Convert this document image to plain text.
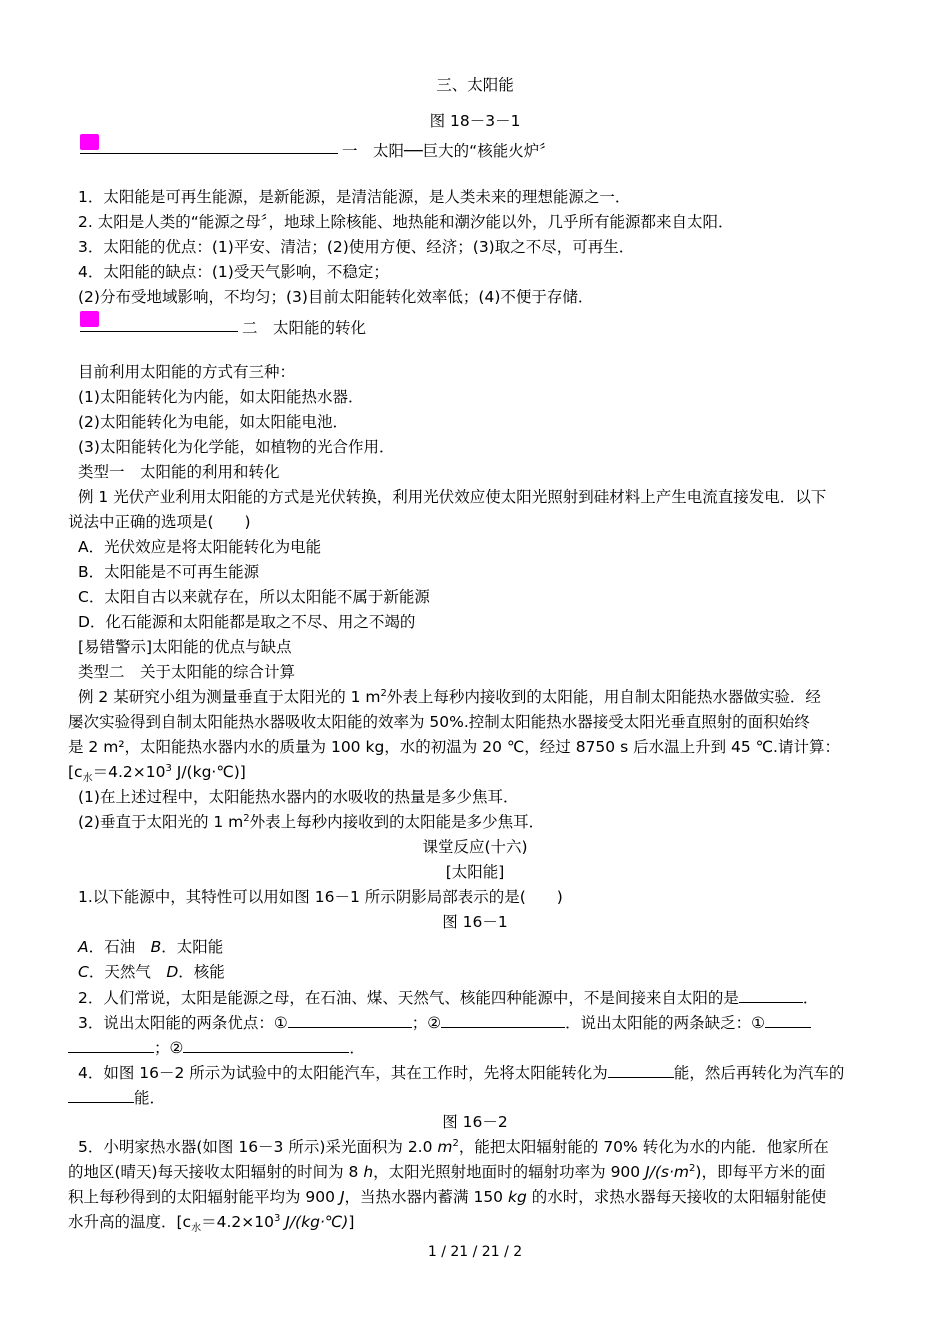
三、太阳能
图 18－3－1
一　太阳──巨大的“核能火炉〞
1．太阳能是可再生能源，是新能源，是清洁能源，是人类未来的理想能源之一．
2. 太阳是人类的“能源之母〞，地球上除核能、地热能和潮汐能以外，几乎所有能源都来自太阳．
3．太阳能的优点：(1)平安、清洁；(2)使用方便、经济；(3)取之不尽，可再生．
4．太阳能的缺点：(1)受天气影响，不稳定；
(2)分布受地域影响，不均匀；(3)目前太阳能转化效率低；(4)不便于存储．
二　太阳能的转化
目前利用太阳能的方式有三种：
(1)太阳能转化为内能，如太阳能热水器．
(2)太阳能转化为电能，如太阳能电池．
(3)太阳能转化为化学能，如植物的光合作用．
类型一　太阳能的利用和转化
例 1 光伏产业利用太阳能的方式是光伏转换，利用光伏效应使太阳光照射到硅材料上产生电流直接发电．以下
说法中正确的选项是(　　)
A．光伏效应是将太阳能转化为电能
B．太阳能是不可再生能源
C．太阳自古以来就存在，所以太阳能不属于新能源
D．化石能源和太阳能都是取之不尽、用之不竭的
[易错警示]太阳能的优点与缺点
类型二　关于太阳能的综合计算
例 2 某研究小组为测量垂直于太阳光的 1 $m^2$外表上每秒内接收到的太阳能，用自制太阳能热水器做实验．经
屡次实验得到自制太阳能热水器吸收太阳能的效率为 50%.控制太阳能热水器接受太阳光垂直照射的面积始终
是 2 m²，太阳能热水器内水的质量为 100 kg，水的初温为 20 ℃，经过 8750 s 后水温上升到 45 ℃.请计算：
[$c_水=4.2\times 10^3$ J/(kg·℃)]
(1)在上述过程中，太阳能热水器内的水吸收的热量是多少焦耳．
(2)垂直于太阳光的 1 $m^2$外表上每秒内接收到的太阳能是多少焦耳．
课堂反应(十六)
[太阳能]
1.以下能源中，其特性可以用如图 16－1 所示阴影局部表示的是(　　)
图 16－1
A．石油　B．太阳能
C．天然气　D．核能
2．人们常说，太阳是能源之母，在石油、煤、天然气、核能四种能源中，不是间接来自太阳的是	．
3．说出太阳能的两条优点：①	；②	．说出太阳能的两条缺乏：①
；②	．
4．如图 16－2 所示为试验中的太阳能汽车，其在工作时，先将太阳能转化为	能，然后再转化为汽车的
能．
图 16－2
5．小明家热水器(如图 16－3 所示)采光面积为 2.0 $m^2$，能把太阳辐射能的 70% 转化为水的内能．他家所在
的地区(晴天)每天接收太阳辐射的时间为 8 h，太阳光照射地面时的辐射功率为 900 $J/(s\cdot m^2)$，即每平方米的面
积上每秒得到的太阳辐射能平均为 900 J，当热水器内蓄满 150 kg 的水时，求热水器每天接收的太阳辐射能使
水升高的温度．[$c_水=4.2\times 10^3$ J/(kg·℃)]
1 / 21 / 21 / 2
